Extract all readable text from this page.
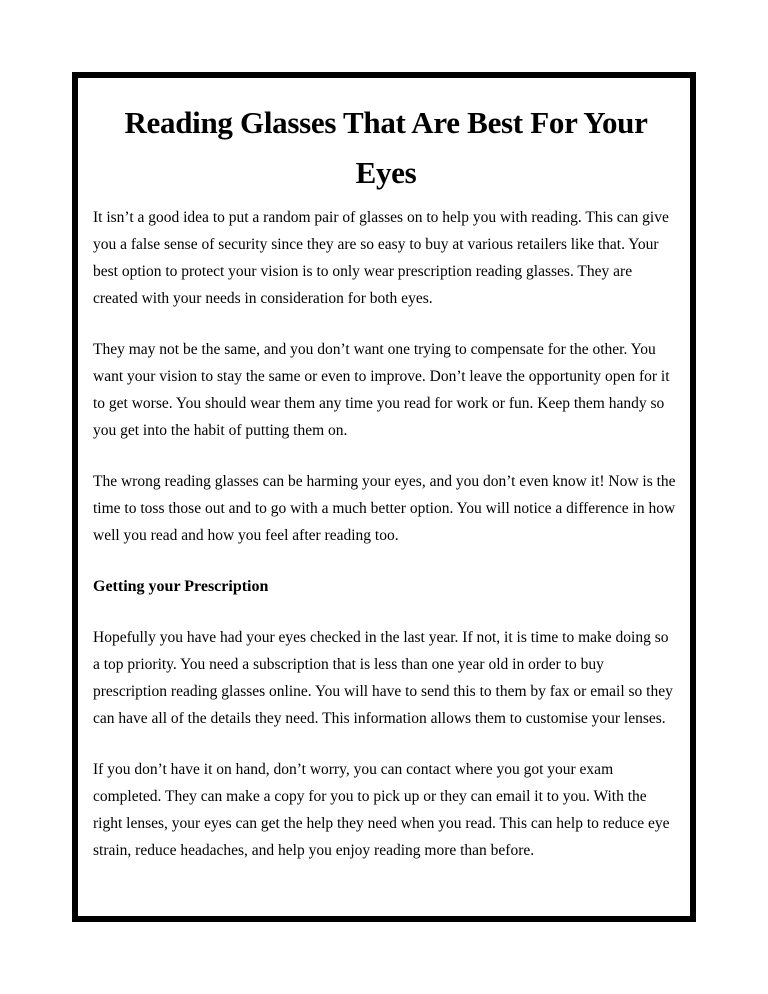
Reading Glasses That Are Best For Your Eyes

It isn’t a good idea to put a random pair of glasses on to help you with reading. This can give you a false sense of security since they are so easy to buy at various retailers like that. Your best option to protect your vision is to only wear prescription reading glasses. They are created with your needs in consideration for both eyes.

They may not be the same, and you don’t want one trying to compensate for the other. You want your vision to stay the same or even to improve. Don’t leave the opportunity open for it to get worse. You should wear them any time you read for work or fun. Keep them handy so you get into the habit of putting them on.

The wrong reading glasses can be harming your eyes, and you don’t even know it! Now is the time to toss those out and to go with a much better option. You will notice a difference in how well you read and how you feel after reading too.

Getting your Prescription

Hopefully you have had your eyes checked in the last year. If not, it is time to make doing so a top priority. You need a subscription that is less than one year old in order to buy prescription reading glasses online. You will have to send this to them by fax or email so they can have all of the details they need. This information allows them to customise your lenses.

If you don’t have it on hand, don’t worry, you can contact where you got your exam completed. They can make a copy for you to pick up or they can email it to you. With the right lenses, your eyes can get the help they need when you read. This can help to reduce eye strain, reduce headaches, and help you enjoy reading more than before.
